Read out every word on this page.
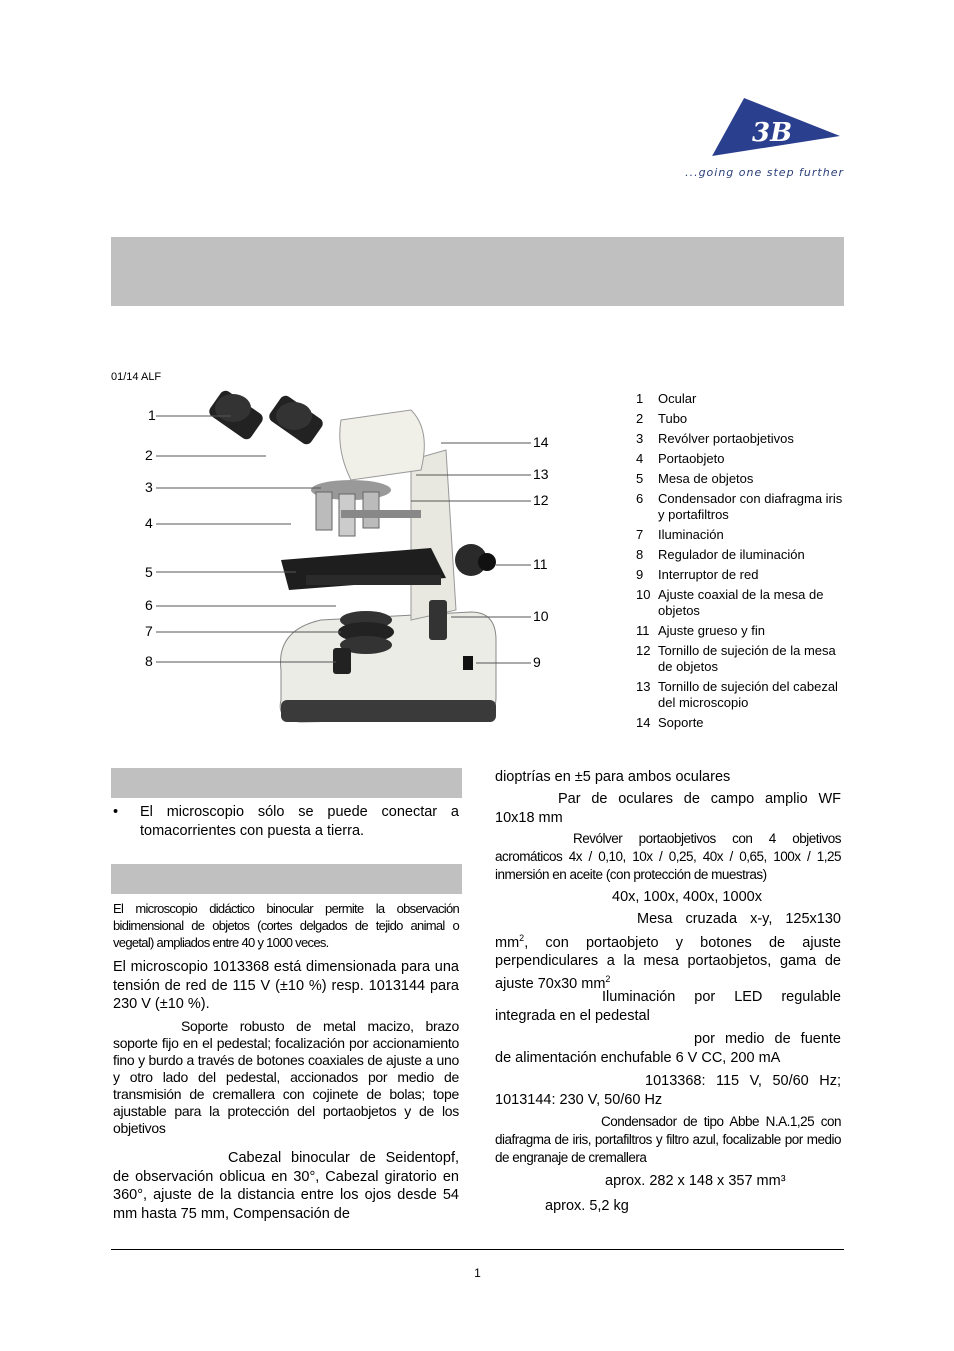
3B	®
...going one step further
01/14 ALF
1
2
3
4
5
6
7
8
14
13
12
11
10
9
1	Ocular
2	Tubo
3	Revólver portaobjetivos
4	Portaobjeto
5	Mesa de objetos
6	Condensador con diafragma iris y portafiltros
7	Iluminación
8	Regulador de iluminación
9	Interruptor de red
10 Ajuste coaxial de la mesa de objetos
11 Ajuste grueso y fin
12 Tornillo de sujeción de la mesa de objetos
13 Tornillo de sujeción del cabezal del microscopio
14 Soporte
•	El microscopio sólo se puede conectar a tomacorrientes con puesta a tierra.
El microscopio didáctico binocular permite la observación bidimensional de objetos (cortes delgados de tejido animal o vegetal) ampliados entre 40 y 1000 veces.
El microscopio 1013368 está dimensionada para una tensión de red de 115 V (±10 %) resp. 1013144 para 230 V (±10 %).
Soporte robusto de metal macizo, brazo soporte fijo en el pedestal; focalización por accionamiento fino y burdo a través de botones coaxiales de ajuste a uno y otro lado del pedestal, accionados por medio de transmisión de cremallera con cojinete de bolas; tope ajustable para la protección del portaobjetos y de los objetivos
Cabezal binocular de Seidentopf, de observación oblicua en 30°, Cabezal giratorio en 360°, ajuste de la distancia entre los ojos desde 54 mm hasta 75 mm, Compensación de
dioptrías en ±5 para ambos oculares
Par de oculares de campo amplio WF 10x18 mm
Revólver portaobjetivos con 4 objetivos acromáticos 4x / 0,10, 10x / 0,25, 40x / 0,65, 100x / 1,25 inmersión en aceite (con protección de muestras)
40x, 100x, 400x, 1000x
Mesa cruzada x-y, 125x130 $mm^2$, con portaobjeto y botones de ajuste perpendiculares a la mesa portaobjetos, gama de ajuste 70x30 $mm^2$
Iluminación por LED regulable integrada en el pedestal
por medio de fuente de alimentación enchufable 6 V CC, 200 mA
1013368: 115 V, 50/60 Hz; 1013144: 230 V, 50/60 Hz
Condensador de tipo Abbe N.A.1,25 con diafragma de iris, portafiltros y filtro azul, focalizable por medio de engranaje de cremallera
aprox. 282 x 148 x 357 mm³
aprox. 5,2 kg
1
